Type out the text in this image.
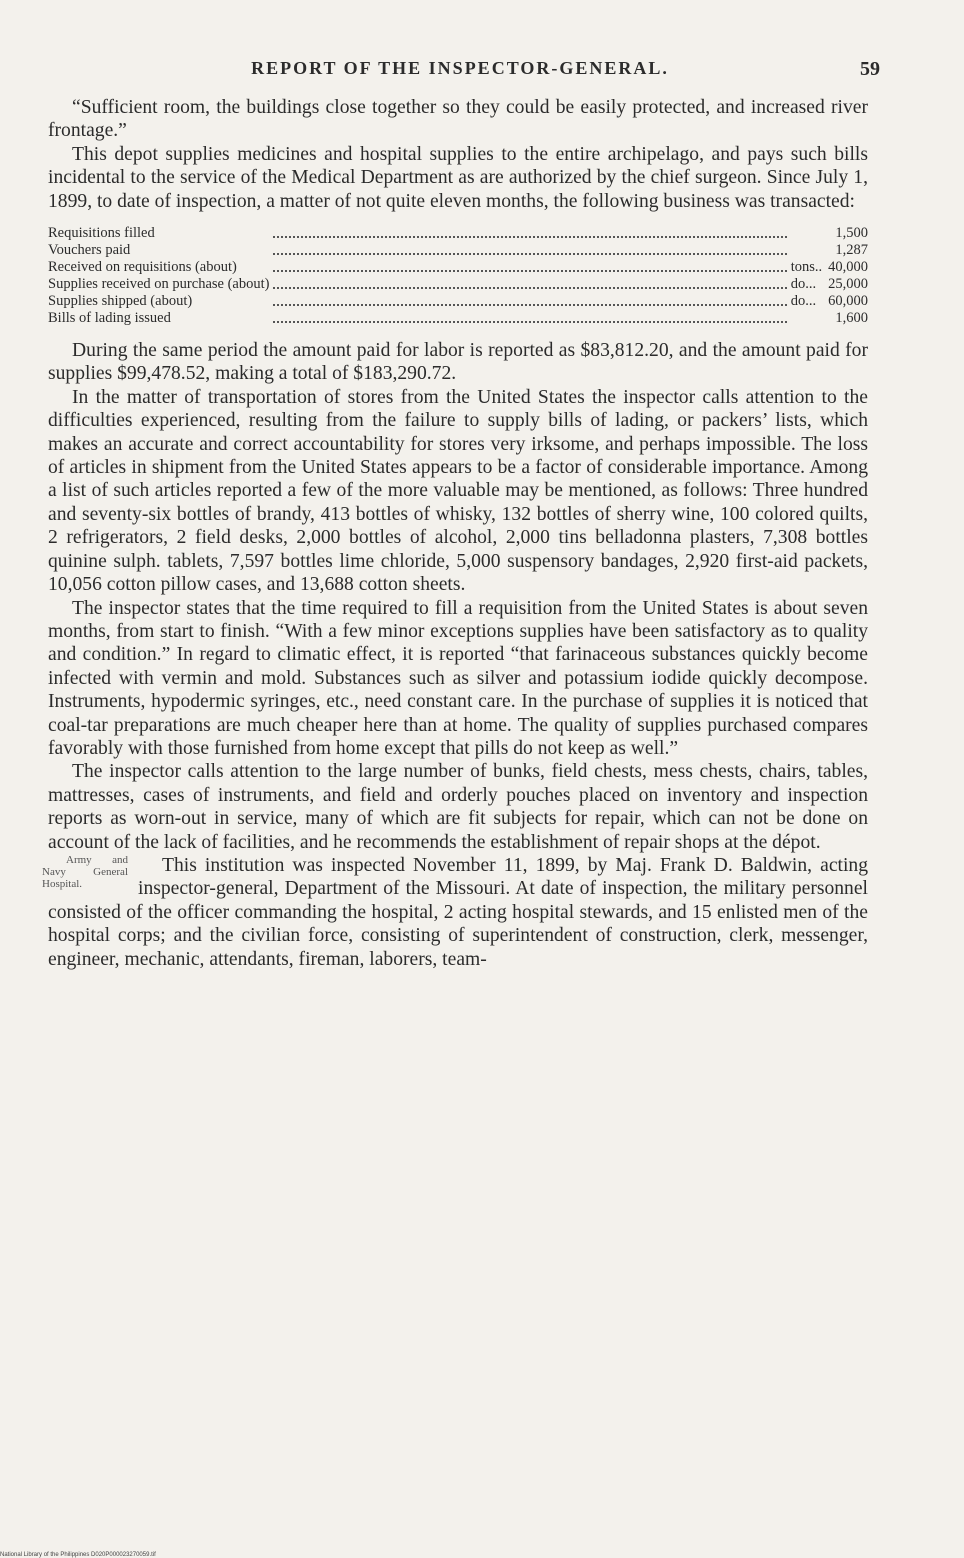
REPORT OF THE INSPECTOR-GENERAL.	59

“Sufficient room, the buildings close together so they could be easily protected, and increased river frontage.”

This depot supplies medicines and hospital supplies to the entire archipelago, and pays such bills incidental to the service of the Medical Department as are authorized by the chief surgeon. Since July 1, 1899, to date of inspection, a matter of not quite eleven months, the following business was transacted:

Requisitions filled			1,500
Vouchers paid			1,287
Received on requisitions (about)		tons..	40,000
Supplies received on purchase (about)		do...	25,000
Supplies shipped (about)		do...	60,000
Bills of lading issued			1,600

During the same period the amount paid for labor is reported as $83,812.20, and the amount paid for supplies $99,478.52, making a total of $183,290.72.

In the matter of transportation of stores from the United States the inspector calls attention to the difficulties experienced, resulting from the failure to supply bills of lading, or packers’ lists, which makes an accurate and correct accountability for stores very irksome, and perhaps impossible. The loss of articles in shipment from the United States appears to be a factor of considerable importance. Among a list of such articles reported a few of the more valuable may be mentioned, as follows: Three hundred and seventy-six bottles of brandy, 413 bottles of whisky, 132 bottles of sherry wine, 100 colored quilts, 2 refrigerators, 2 field desks, 2,000 bottles of alcohol, 2,000 tins belladonna plasters, 7,308 bottles quinine sulph. tablets, 7,597 bottles lime chloride, 5,000 suspensory bandages, 2,920 first-aid packets, 10,056 cotton pillow cases, and 13,688 cotton sheets.

The inspector states that the time required to fill a requisition from the United States is about seven months, from start to finish. “With a few minor exceptions supplies have been satisfactory as to quality and condition.” In regard to climatic effect, it is reported “that farinaceous substances quickly become infected with vermin and mold. Substances such as silver and potassium iodide quickly decompose. Instruments, hypodermic syringes, etc., need constant care. In the purchase of supplies it is noticed that coal-tar preparations are much cheaper here than at home. The quality of supplies purchased compares favorably with those furnished from home except that pills do not keep as well.”

The inspector calls attention to the large number of bunks, field chests, mess chests, chairs, tables, mattresses, cases of instruments, and field and orderly pouches placed on inventory and inspection reports as worn-out in service, many of which are fit subjects for repair, which can not be done on account of the lack of facilities, and he recommends the establishment of repair shops at the dépot.

Army and Navy General Hospital.
This institution was inspected November 11, 1899, by Maj. Frank D. Baldwin, acting inspector-general, Department of the Missouri. At date of inspection, the military personnel consisted of the officer commanding the hospital, 2 acting hospital stewards, and 15 enlisted men of the hospital corps; and the civilian force, consisting of superintendent of construction, clerk, messenger, engineer, mechanic, attendants, fireman, laborers, team-

National Library of the Philippines D020P000023270059.tif
